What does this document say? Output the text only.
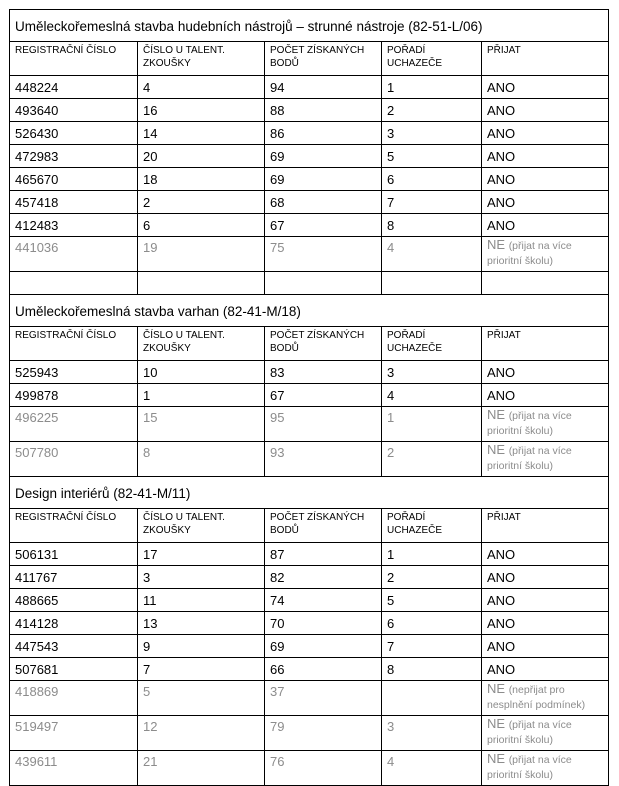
Uměleckořemeslná stavba hudebních nástrojů – strunné nástroje (82-51-L/06)				
REGISTRAČNÍ ČÍSLO	ČÍSLO U TALENT. ZKOUŠKY	POČET ZÍSKANÝCH BODŮ	POŘADÍ UCHAZEČE	PŘIJAT
448224	4	94	1	ANO
493640	16	88	2	ANO
526430	14	86	3	ANO
472983	20	69	5	ANO
465670	18	69	6	ANO
457418	2	68	7	ANO
412483	6	67	8	ANO
441036	19	75	4	NE (přijat na více prioritní školu)

Uměleckořemeslná stavba varhan (82-41-M/18)				
REGISTRAČNÍ ČÍSLO	ČÍSLO U TALENT. ZKOUŠKY	POČET ZÍSKANÝCH BODŮ	POŘADÍ UCHAZEČE	PŘIJAT
525943	10	83	3	ANO
499878	1	67	4	ANO
496225	15	95	1	NE (přijat na více prioritní školu)
507780	8	93	2	NE (přijat na více prioritní školu)
Design interiérů (82-41-M/11)				
REGISTRAČNÍ ČÍSLO	ČÍSLO U TALENT. ZKOUŠKY	POČET ZÍSKANÝCH BODŮ	POŘADÍ UCHAZEČE	PŘIJAT
506131	17	87	1	ANO
411767	3	82	2	ANO
488665	11	74	5	ANO
414128	13	70	6	ANO
447543	9	69	7	ANO
507681	7	66	8	ANO
418869	5	37		NE (nepřijat pro nesplnění podmínek)
519497	12	79	3	NE (přijat na více prioritní školu)
439611	21	76	4	NE (přijat na více prioritní školu)
